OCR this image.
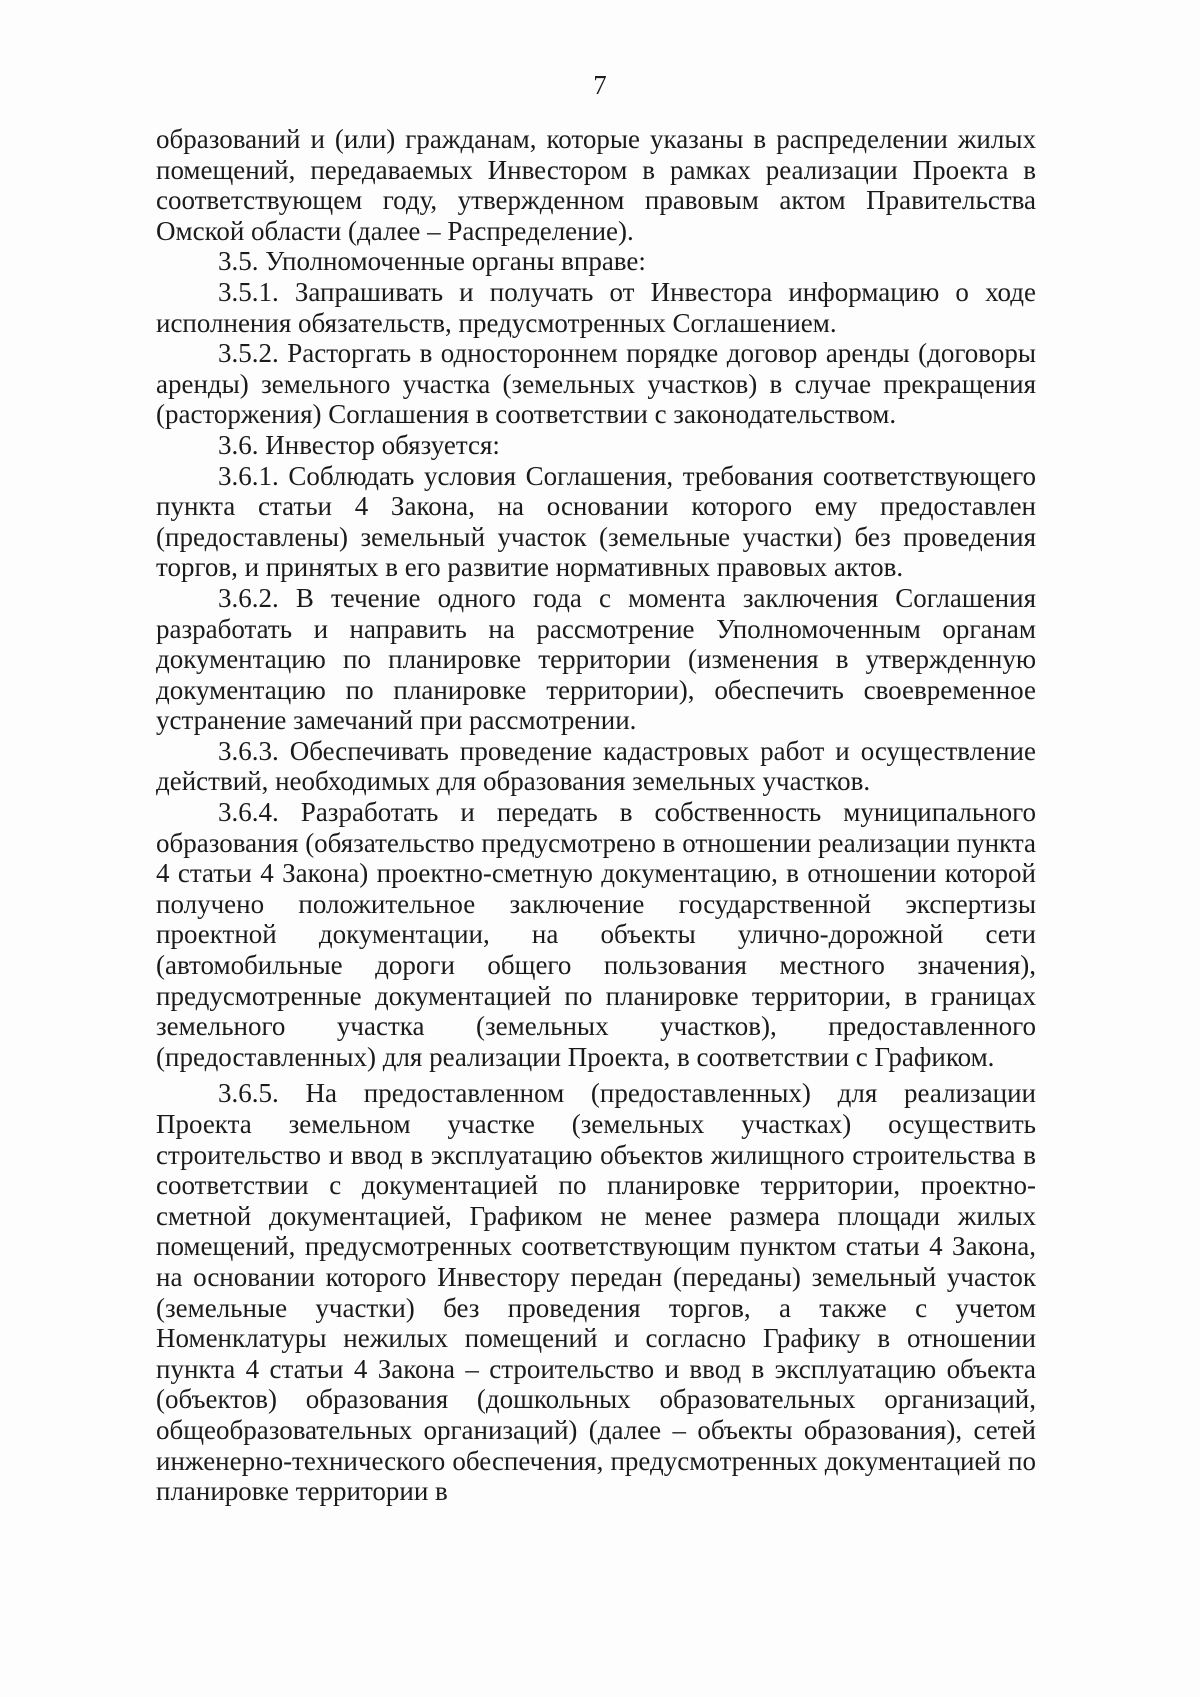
7

образований и (или) гражданам, которые указаны в распределении жилых помещений, передаваемых Инвестором в рамках реализации Проекта в соответствующем году, утвержденном правовым актом Правительства Омской области (далее – Распределение).

3.5. Уполномоченные органы вправе:

3.5.1. Запрашивать и получать от Инвестора информацию о ходе исполнения обязательств, предусмотренных Соглашением.

3.5.2. Расторгать в одностороннем порядке договор аренды (договоры аренды) земельного участка (земельных участков) в случае прекращения (расторжения) Соглашения в соответствии с законодательством.

3.6. Инвестор обязуется:

3.6.1. Соблюдать условия Соглашения, требования соответствующего пункта статьи 4 Закона, на основании которого ему предоставлен (предоставлены) земельный участок (земельные участки) без проведения торгов, и принятых в его развитие нормативных правовых актов.

3.6.2. В течение одного года с момента заключения Соглашения разработать и направить на рассмотрение Уполномоченным органам документацию по планировке территории (изменения в утвержденную документацию по планировке территории), обеспечить своевременное устранение замечаний при рассмотрении.

3.6.3. Обеспечивать проведение кадастровых работ и осуществление действий, необходимых для образования земельных участков.

3.6.4. Разработать и передать в собственность муниципального образования (обязательство предусмотрено в отношении реализации пункта 4 статьи 4 Закона) проектно-сметную документацию, в отношении которой получено положительное заключение государственной экспертизы проектной документации, на объекты улично-дорожной сети (автомобильные дороги общего пользования местного значения), предусмотренные документацией по планировке территории, в границах земельного участка (земельных участков), предоставленного (предоставленных) для реализации Проекта, в соответствии с Графиком.

3.6.5. На предоставленном (предоставленных) для реализации Проекта земельном участке (земельных участках) осуществить строительство и ввод в эксплуатацию объектов жилищного строительства в соответствии с документацией по планировке территории, проектно-сметной документацией, Графиком не менее размера площади жилых помещений, предусмотренных соответствующим пунктом статьи 4 Закона, на основании которого Инвестору передан (переданы) земельный участок (земельные участки) без проведения торгов, а также с учетом Номенклатуры нежилых помещений и согласно Графику в отношении пункта 4 статьи 4 Закона – строительство и ввод в эксплуатацию объекта (объектов) образования (дошкольных образовательных организаций, общеобразовательных организаций) (далее – объекты образования), сетей инженерно-технического обеспечения, предусмотренных документацией по планировке территории в
